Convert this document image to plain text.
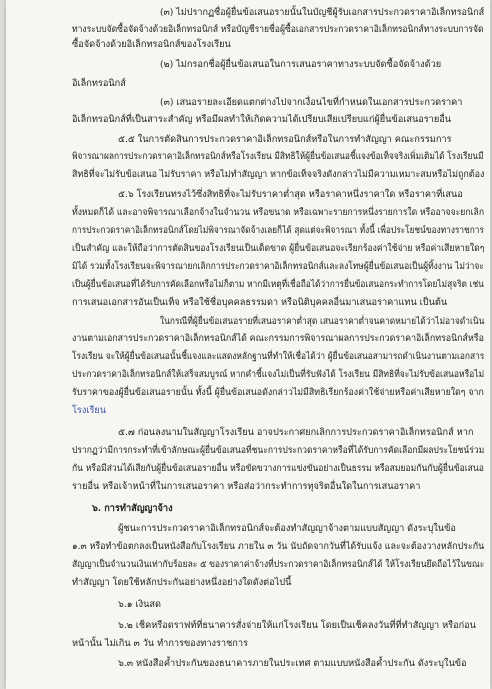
(๓) ไม่ปรากฏชื่อผู้ยื่นข้อเสนอรายนั้นในบัญชีผู้รับเอกสารประกวดราคาอิเล็กทรอนิกส์
ทางระบบจัดซื้อจัดจ้างด้วยอิเล็กทรอนิกส์ หรือบัญชีรายชื่อผู้ซื้อเอกสารประกวดราคาอิเล็กทรอนิกส์ทางระบบการจัด
ซื้อจัดจ้างด้วยอิเล็กทรอนิกส์ของโรงเรียน
(๒) ไม่กรอกชื่อผู้ยื่นข้อเสนอในการเสนอราคาทางระบบจัดซื้อจัดจ้างด้วย
อิเล็กทรอนิกส์
(๓) เสนอรายละเอียดแตกต่างไปจากเงื่อนไขที่กำหนดในเอกสารประกวดราคา
อิเล็กทรอนิกส์ที่เป็นสาระสำคัญ หรือมีผลทำให้เกิดความได้เปรียบเสียเปรียบแก่ผู้ยื่นข้อเสนอรายอื่น
๕.๕ ในการตัดสินการประกวดราคาอิเล็กทรอนิกส์หรือในการทำสัญญา คณะกรรมการ
พิจารณาผลการประกวดราคาอิเล็กทรอนิกส์หรือโรงเรียน มีสิทธิให้ผู้ยื่นข้อเสนอชี้แจงข้อเท็จจริงเพิ่มเติมได้ โรงเรียนมี
สิทธิที่จะไม่รับข้อเสนอ ไม่รับราคา หรือไม่ทำสัญญา หากข้อเท็จจริงดังกล่าวไม่มีความเหมาะสมหรือไม่ถูกต้อง
๕.๖ โรงเรียนทรงไว้ซึ่งสิทธิที่จะไม่รับราคาต่ำสุด หรือราคาหนึ่งราคาใด หรือราคาที่เสนอ
ทั้งหมดก็ได้ และอาจพิจารณาเลือกจ้างในจำนวน หรือขนาด หรือเฉพาะรายการหนึ่งรายการใด หรืออาจจะยกเลิก
การประกวดราคาอิเล็กทรอนิกส์โดยไม่พิจารณาจัดจ้างเลยก็ได้ สุดแต่จะพิจารณา ทั้งนี้ เพื่อประโยชน์ของทางราชการ
เป็นสำคัญ และให้ถือว่าการตัดสินของโรงเรียนเป็นเด็ดขาด ผู้ยื่นข้อเสนอจะเรียกร้องค่าใช้จ่าย หรือค่าเสียหายใดๆ
มิได้ รวมทั้งโรงเรียนจะพิจารณายกเลิกการประกวดราคาอิเล็กทรอนิกส์และลงโทษผู้ยื่นข้อเสนอเป็นผู้ทิ้งงาน ไม่ว่าจะ
เป็นผู้ยื่นข้อเสนอที่ได้รับการคัดเลือกหรือไม่ก็ตาม หากมีเหตุที่เชื่อถือได้ว่าการยื่นข้อเสนอกระทำการโดยไม่สุจริต เช่น
การเสนอเอกสารอันเป็นเท็จ หรือใช้ชื่อบุคคลธรรมดา หรือนิติบุคคลอื่นมาเสนอราคาแทน เป็นต้น
ในกรณีที่ผู้ยื่นข้อเสนอรายที่เสนอราคาต่ำสุด เสนอราคาต่ำจนคาดหมายได้ว่าไม่อาจดำเนิน
งานตามเอกสารประกวดราคาอิเล็กทรอนิกส์ได้ คณะกรรมการพิจารณาผลการประกวดราคาอิเล็กทรอนิกส์หรือ
โรงเรียน จะให้ผู้ยื่นข้อเสนอนั้นชี้แจงและแสดงหลักฐานที่ทำให้เชื่อได้ว่า ผู้ยื่นข้อเสนอสามารถดำเนินงานตามเอกสาร
ประกวดราคาอิเล็กทรอนิกส์ให้เสร็จสมบูรณ์ หากคำชี้แจงไม่เป็นที่รับฟังได้ โรงเรียน มีสิทธิที่จะไม่รับข้อเสนอหรือไม่
รับราคาของผู้ยื่นข้อเสนอรายนั้น ทั้งนี้ ผู้ยื่นข้อเสนอดังกล่าวไม่มีสิทธิเรียกร้องค่าใช้จ่ายหรือค่าเสียหายใดๆ จาก
โรงเรียน
๕.๗ ก่อนลงนามในสัญญาโรงเรียน อาจประกาศยกเลิกการประกวดราคาอิเล็กทรอนิกส์ หาก
ปรากฏว่ามีการกระทำที่เข้าลักษณะผู้ยื่นข้อเสนอที่ชนะการประกวดราคาหรือที่ได้รับการคัดเลือกมีผลประโยชน์ร่วม
กัน หรือมีส่วนได้เสียกับผู้ยื่นข้อเสนอรายอื่น หรือขัดขวางการแข่งขันอย่างเป็นธรรม หรือสมยอมกันกับผู้ยื่นข้อเสนอ
รายอื่น หรือเจ้าหน้าที่ในการเสนอราคา หรือส่อว่ากระทำการทุจริตอื่นใดในการเสนอราคา
๖. การทำสัญญาจ้าง
ผู้ชนะการประกวดราคาอิเล็กทรอนิกส์จะต้องทำสัญญาจ้างตามแบบสัญญา ดังระบุในข้อ
๑.๓ หรือทำข้อตกลงเป็นหนังสือกับโรงเรียน ภายใน ๓ วัน นับถัดจากวันที่ได้รับแจ้ง และจะต้องวางหลักประกัน
สัญญาเป็นจำนวนเงินเท่ากับร้อยละ ๕ ของราคาค่าจ้างที่ประกวดราคาอิเล็กทรอนิกส์ได้ ให้โรงเรียนยึดถือไว้ในขณะ
ทำสัญญา โดยใช้หลักประกันอย่างหนึ่งอย่างใดดังต่อไปนี้
๖.๑ เงินสด
๖.๒ เช็คหรือดราฟท์ที่ธนาคารสั่งจ่ายให้แก่โรงเรียน โดยเป็นเช็คลงวันที่ที่ทำสัญญา หรือก่อน
หน้านั้น ไม่เกิน ๓ วัน ทำการของทางราชการ
๖.๓ หนังสือค้ำประกันของธนาคารภายในประเทศ ตามแบบหนังสือค้ำประกัน ดังระบุในข้อ
